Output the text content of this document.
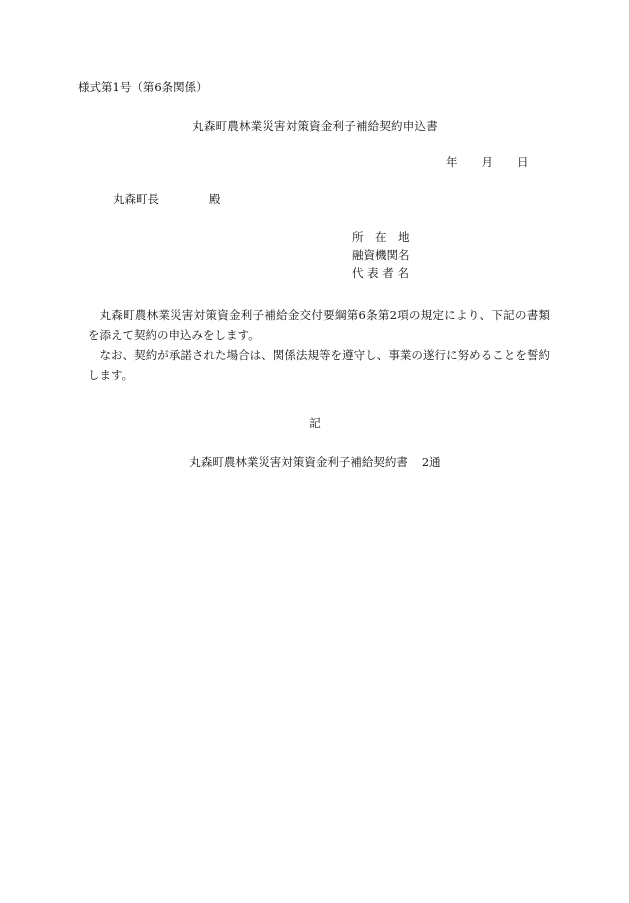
様式第1号（第6条関係）
丸森町農林業災害対策資金利子補給契約申込書
年 月 日
丸森町長	殿
所　在　地
融資機関名
代 表 者 名

丸森町農林業災害対策資金利子補給金交付要綱第6条第2項の規定により、下記の書類を添えて契約の申込みをします。

なお、契約が承諾された場合は、関係法規等を遵守し、事業の遂行に努めることを誓約します。

記
丸森町農林業災害対策資金利子補給契約書 2通
